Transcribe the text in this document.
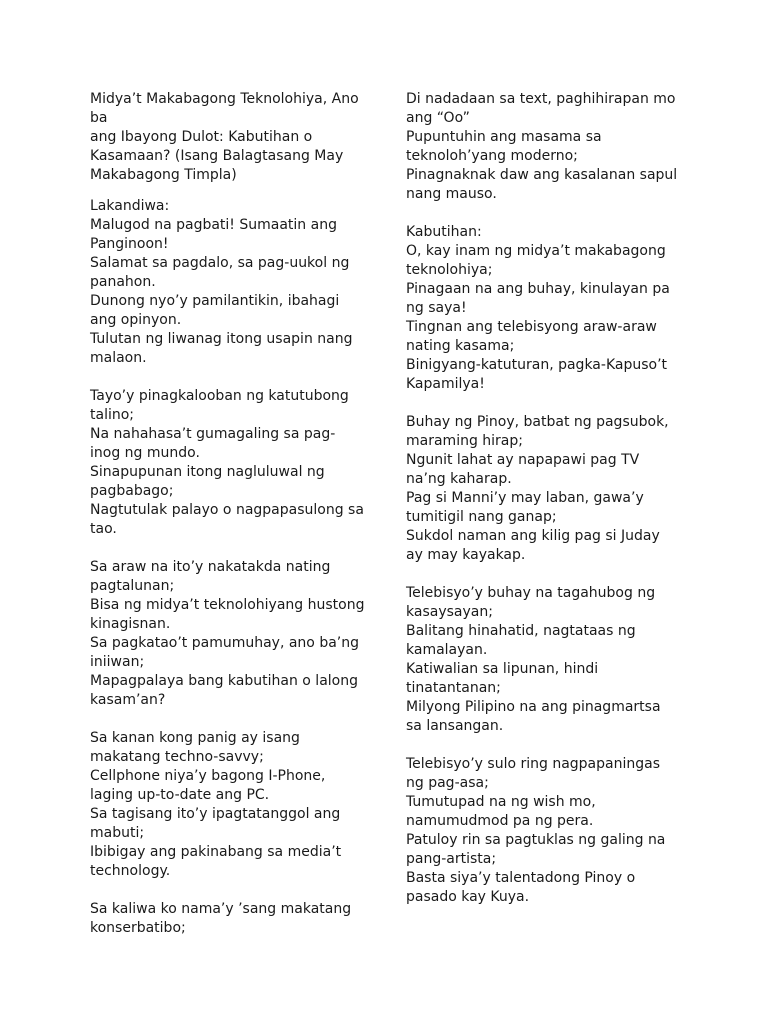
Midya’t Makabagong Teknolohiya, Ano ba
ang Ibayong Dulot: Kabutihan o
Kasamaan? (Isang Balagtasang May
Makabagong Timpla)
Lakandiwa:
Malugod na pagbati! Sumaatin ang
Panginoon!
Salamat sa pagdalo, sa pag-uukol ng
panahon.
Dunong nyo’y pamilantikin, ibahagi
ang opinyon.
Tulutan ng liwanag itong usapin nang
malaon.
Tayo’y pinagkalooban ng katutubong
talino;
Na nahahasa’t gumagaling sa pag-
inog ng mundo.
Sinapupunan itong nagluluwal ng
pagbabago;
Nagtutulak palayo o nagpapasulong sa
tao.
Sa araw na ito’y nakatakda nating
pagtalunan;
Bisa ng midya’t teknolohiyang hustong
kinagisnan.
Sa pagkatao’t pamumuhay, ano ba’ng
iniiwan;
Mapagpalaya bang kabutihan o lalong
kasam’an?
Sa kanan kong panig ay isang
makatang techno-savvy;
Cellphone niya’y bagong I-Phone,
laging up-to-date ang PC.
Sa tagisang ito’y ipagtatanggol ang
mabuti;
Ibibigay ang pakinabang sa media’t
technology.
Sa kaliwa ko nama’y ’sang makatang
konserbatibo;
Di nadadaan sa text, paghihirapan mo
ang “Oo”
Pupuntuhin ang masama sa
teknoloh’yang moderno;
Pinagnaknak daw ang kasalanan sapul
nang mauso.
Kabutihan:
O, kay inam ng midya’t makabagong
teknolohiya;
Pinagaan na ang buhay, kinulayan pa
ng saya!
Tingnan ang telebisyong araw-araw
nating kasama;
Binigyang-katuturan, pagka-Kapuso’t
Kapamilya!
Buhay ng Pinoy, batbat ng pagsubok,
maraming hirap;
Ngunit lahat ay napapawi pag TV
na’ng kaharap.
Pag si Manni’y may laban, gawa’y
tumitigil nang ganap;
Sukdol naman ang kilig pag si Juday
ay may kayakap.
Telebisyo’y buhay na tagahubog ng
kasaysayan;
Balitang hinahatid, nagtataas ng
kamalayan.
Katiwalian sa lipunan, hindi
tinatantanan;
Milyong Pilipino na ang pinagmartsa
sa lansangan.
Telebisyo’y sulo ring nagpapaningas
ng pag-asa;
Tumutupad na ng wish mo,
namumudmod pa ng pera.
Patuloy rin sa pagtuklas ng galing na
pang-artista;
Basta siya’y talentadong Pinoy o
pasado kay Kuya.
